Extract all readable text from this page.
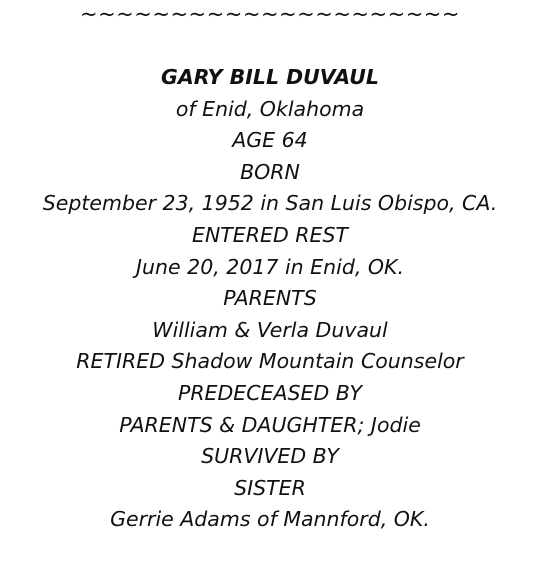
~~~~~~~~~~~~~~~~~~~~~
GARY BILL DUVAUL
of Enid, Oklahoma
AGE 64
BORN
September 23, 1952 in San Luis Obispo, CA.
ENTERED REST
June 20, 2017 in Enid, OK.
PARENTS
William & Verla Duvaul
RETIRED Shadow Mountain Counselor
PREDECEASED BY
PARENTS & DAUGHTER; Jodie
SURVIVED BY
SISTER
Gerrie Adams of Mannford, OK.
